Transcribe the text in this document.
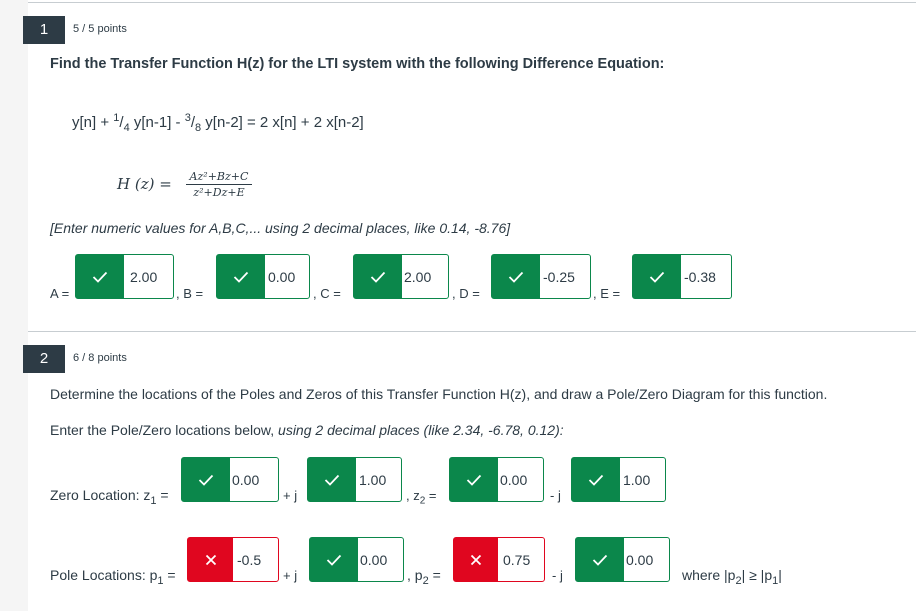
1	5 / 5 points
Find the Transfer Function H(z) for the LTI system with the following Difference Equation:
$y[n] + ^1/_4$ $y[n-1] - ^3/_8$ y[n-2] = 2 x[n] + 2 x[n-2]
H (z) =	Az²+Bz+C
z²+Dz+E
[Enter numeric values for A,B,C,... using 2 decimal places, like 0.14, -8.76]
A =
2.00
, B =
0.00
, C =
2.00
, D =
-0.25
, E =
-0.38
2	6 / 8 points
Determine the locations of the Poles and Zeros of this Transfer Function H(z), and draw a Pole/Zero Diagram for this function.
Enter the Pole/Zero locations below, using 2 decimal places (like 2.34, -6.78, 0.12):
Zero Location: $z_1$ =
0.00
+ j
1.00
, $z_2$ =
0.00
- j
1.00
Pole Locations: $p_1$ =
-0.5
+ j
0.00
, $p_2$ =
0.75
- j
0.00
where $|p_2| \ge |p_1|$
